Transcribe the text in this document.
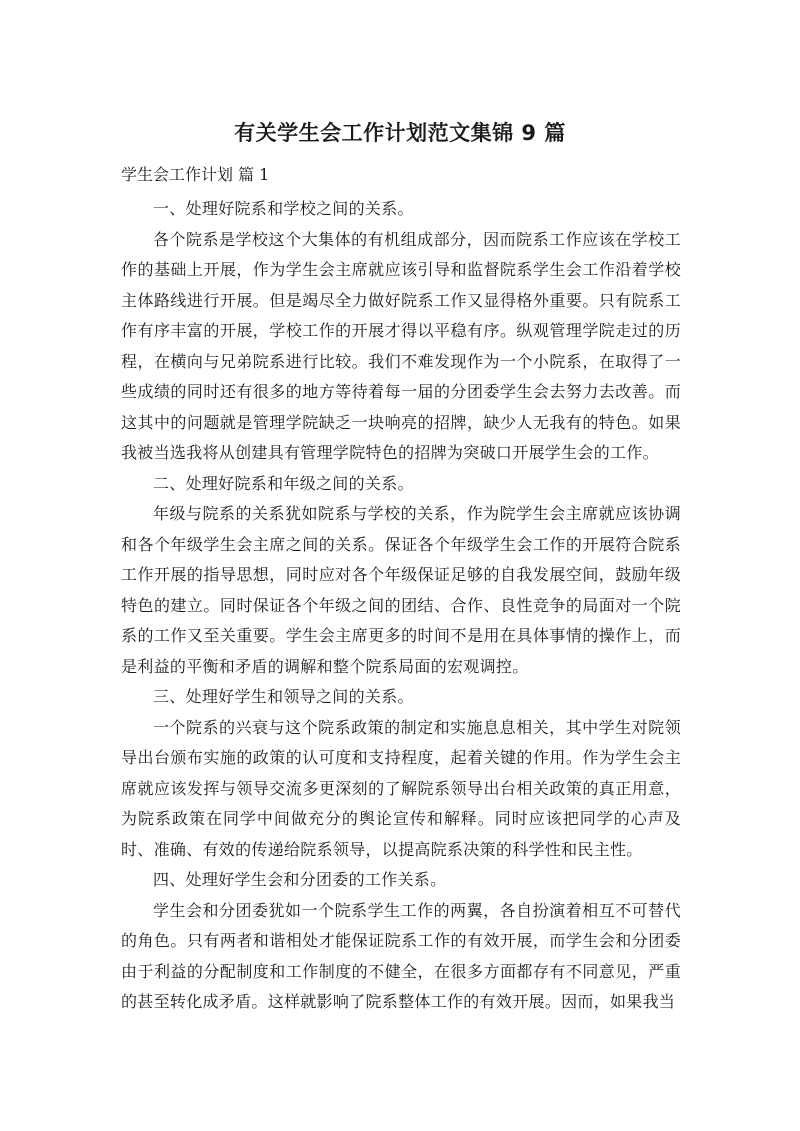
有关学生会工作计划范文集锦 9 篇
学生会工作计划 篇 1

一、处理好院系和学校之间的关系。

各个院系是学校这个大集体的有机组成部分，因而院系工作应该在学校工作的基础上开展，作为学生会主席就应该引导和监督院系学生会工作沿着学校主体路线进行开展。但是竭尽全力做好院系工作又显得格外重要。只有院系工作有序丰富的开展，学校工作的开展才得以平稳有序。纵观管理学院走过的历程，在横向与兄弟院系进行比较。我们不难发现作为一个小院系，在取得了一些成绩的同时还有很多的地方等待着每一届的分团委学生会去努力去改善。而这其中的问题就是管理学院缺乏一块响亮的招牌，缺少人无我有的特色。如果我被当选我将从创建具有管理学院特色的招牌为突破口开展学生会的工作。

二、处理好院系和年级之间的关系。

年级与院系的关系犹如院系与学校的关系，作为院学生会主席就应该协调和各个年级学生会主席之间的关系。保证各个年级学生会工作的开展符合院系工作开展的指导思想，同时应对各个年级保证足够的自我发展空间，鼓励年级特色的建立。同时保证各个年级之间的团结、合作、良性竞争的局面对一个院系的工作又至关重要。学生会主席更多的时间不是用在具体事情的操作上，而是利益的平衡和矛盾的调解和整个院系局面的宏观调控。

三、处理好学生和领导之间的关系。

一个院系的兴衰与这个院系政策的制定和实施息息相关，其中学生对院领导出台颁布实施的政策的认可度和支持程度，起着关键的作用。作为学生会主席就应该发挥与领导交流多更深刻的了解院系领导出台相关政策的真正用意，为院系政策在同学中间做充分的舆论宣传和解释。同时应该把同学的心声及时、准确、有效的传递给院系领导，以提高院系决策的科学性和民主性。

四、处理好学生会和分团委的工作关系。

学生会和分团委犹如一个院系学生工作的两翼，各自扮演着相互不可替代的角色。只有两者和谐相处才能保证院系工作的有效开展，而学生会和分团委由于利益的分配制度和工作制度的不健全，在很多方面都存有不同意见，严重的甚至转化成矛盾。这样就影响了院系整体工作的有效开展。因而，如果我当
